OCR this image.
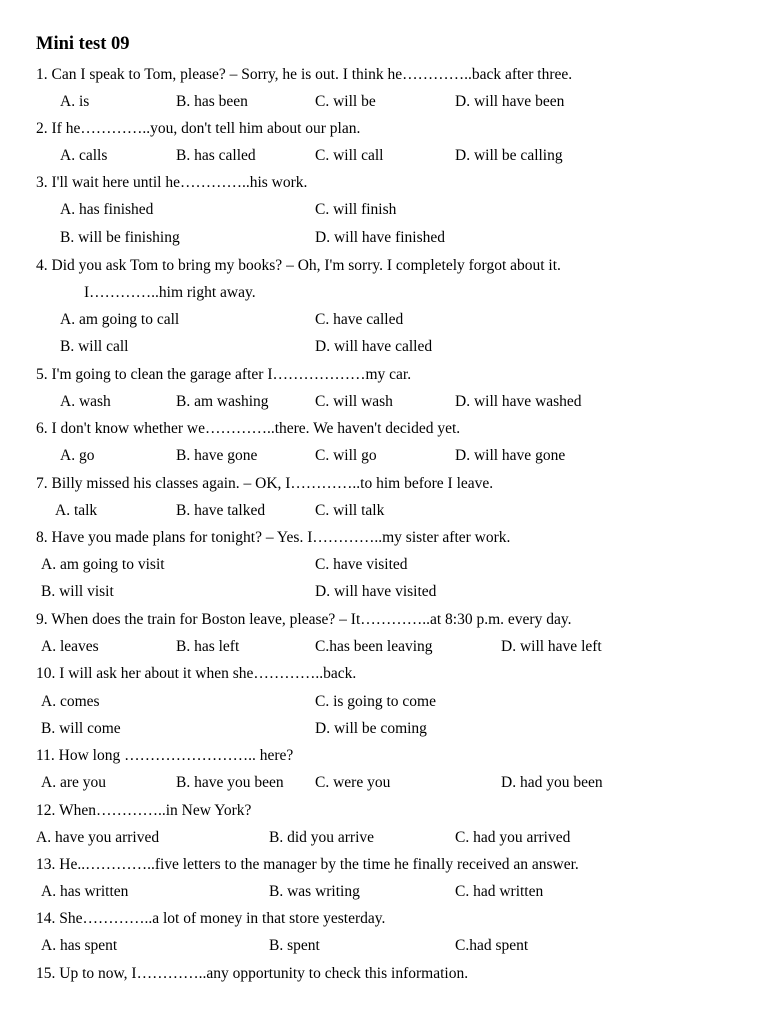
Mini test 09
1. Can I speak to Tom, please? – Sorry, he is out. I think he…………..back after three.
A. is	B. has been	C. will be	D. will have been
2. If he…………..you, don't tell him about our plan.
A. calls	B. has called	C. will call	D. will be calling
3. I'll wait here until he…………..his work.
A. has finished	C. will finish
B. will be finishing	D. will have finished
4. Did you ask Tom to bring my books? – Oh, I'm sorry. I completely forgot about it.
I…………..him right away.
A. am going to call	C. have called
B. will call	D. will have called
5. I'm going to clean the garage after I………………my car.
A. wash	B. am washing	C. will wash	D. will have washed
6. I don't know whether we…………..there. We haven't decided yet.
A. go	B. have gone	C. will go	D. will have gone
7. Billy missed his classes again. – OK, I…………..to him before I leave.
A. talk	B. have talked	C. will talk
8. Have you made plans for tonight? – Yes. I…………..my sister after work.
A. am going to visit	C. have visited
B. will visit	D. will have visited
9. When does the train for Boston leave, please? – It…………..at 8:30 p.m. every day.
A. leaves	B. has left	C.has been leaving	D. will have left
10. I will ask her about it when she…………..back.
A. comes	C. is going to come
B. will come	D. will be coming
11. How long …………………….. here?
A. are you	B. have you been C. were you	D. had you been
12. When…………..in New York?
A. have you arrived	B. did you arrive	C. had you arrived
13. He..…………..five letters to the manager by the time he finally received an answer.
A. has written	B. was writing	C. had written
14. She…………..a lot of money in that store yesterday.
A. has spent	B. spent	C.had spent
15. Up to now, I…………..any opportunity to check this information.
